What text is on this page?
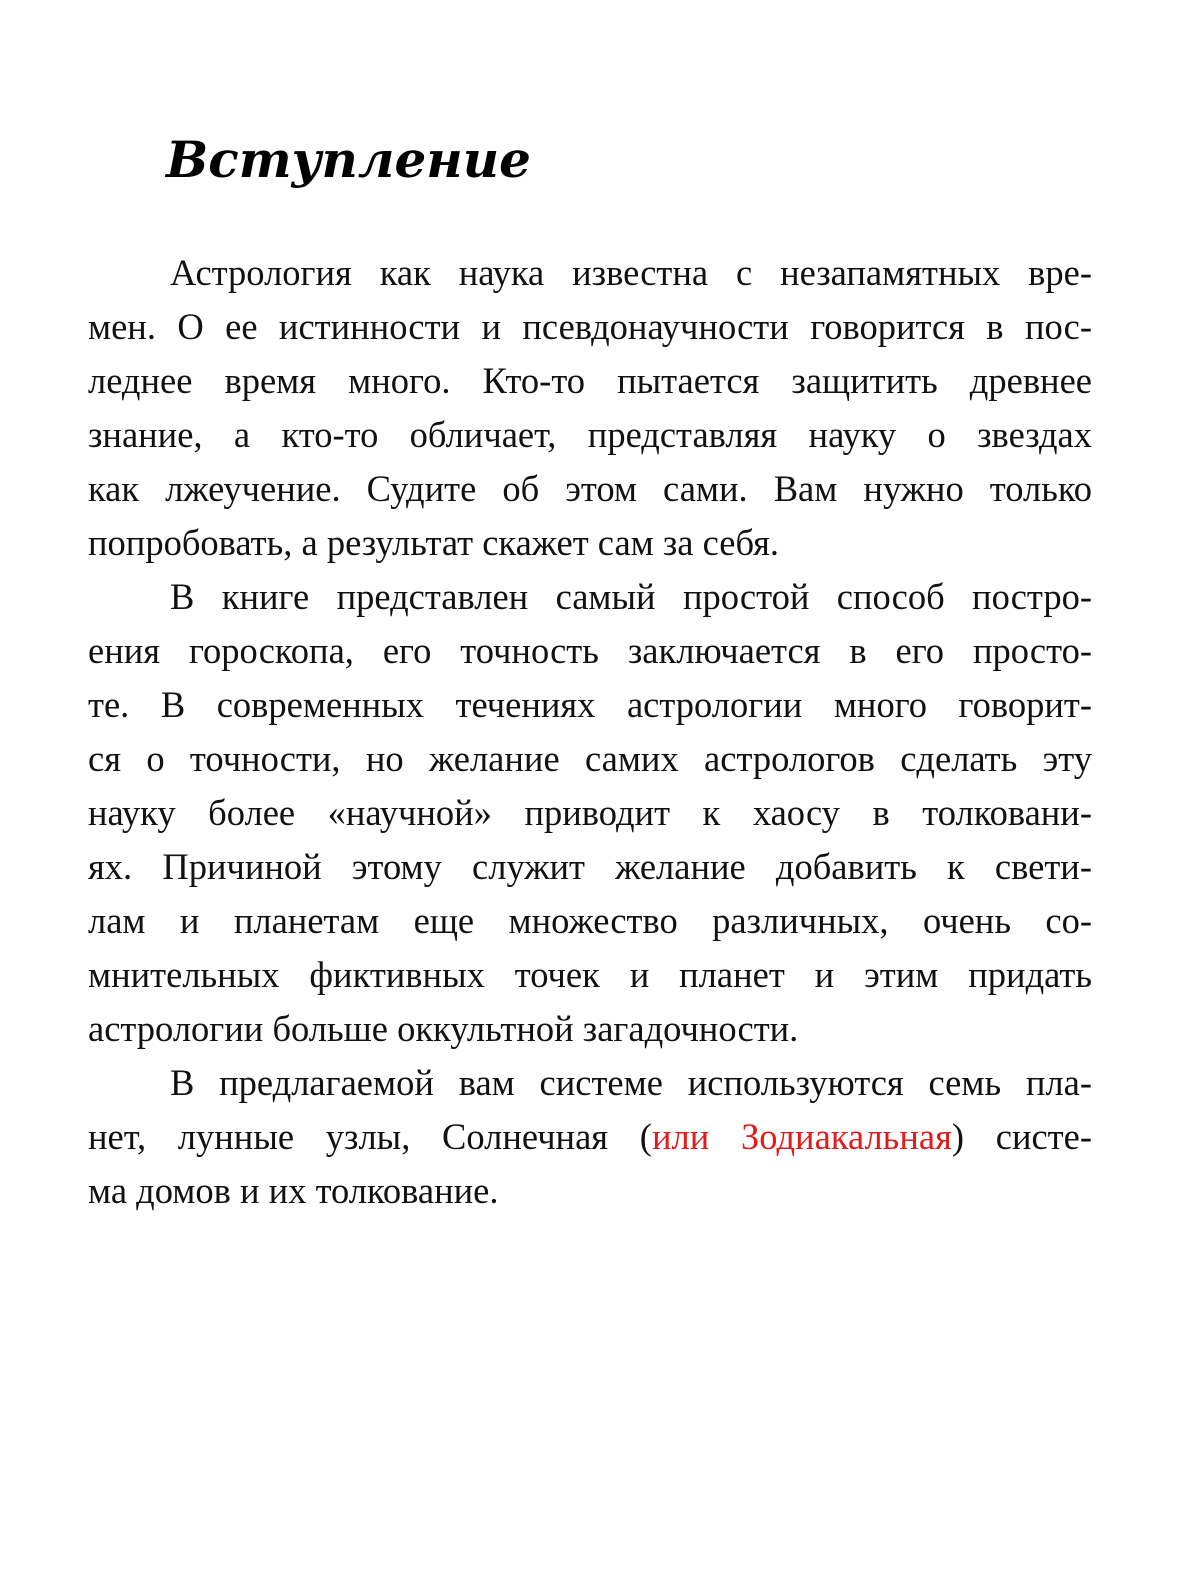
Вступление
Астрология как наука известна с незапамятных вре-
мен. О ее истинности и псевдонаучности говорится в пос-
леднее время много. Кто-то пытается защитить древнее
знание, а кто-то обличает, представляя науку о звездах
как лжеучение. Судите об этом сами. Вам нужно только
попробовать, а результат скажет сам за себя.
В книге представлен самый простой способ постро-
ения гороскопа, его точность заключается в его просто-
те. В современных течениях астрологии много говорит-
ся о точности, но желание самих астрологов сделать эту
науку более «научной» приводит к хаосу в толковани-
ях. Причиной этому служит желание добавить к свети-
лам и планетам еще множество различных, очень со-
мнительных фиктивных точек и планет и этим придать
астрологии больше оккультной загадочности.
В предлагаемой вам системе используются семь пла-
нет, лунные узлы, Солнечная (или Зодиакальная) систе-
ма домов и их толкование.
